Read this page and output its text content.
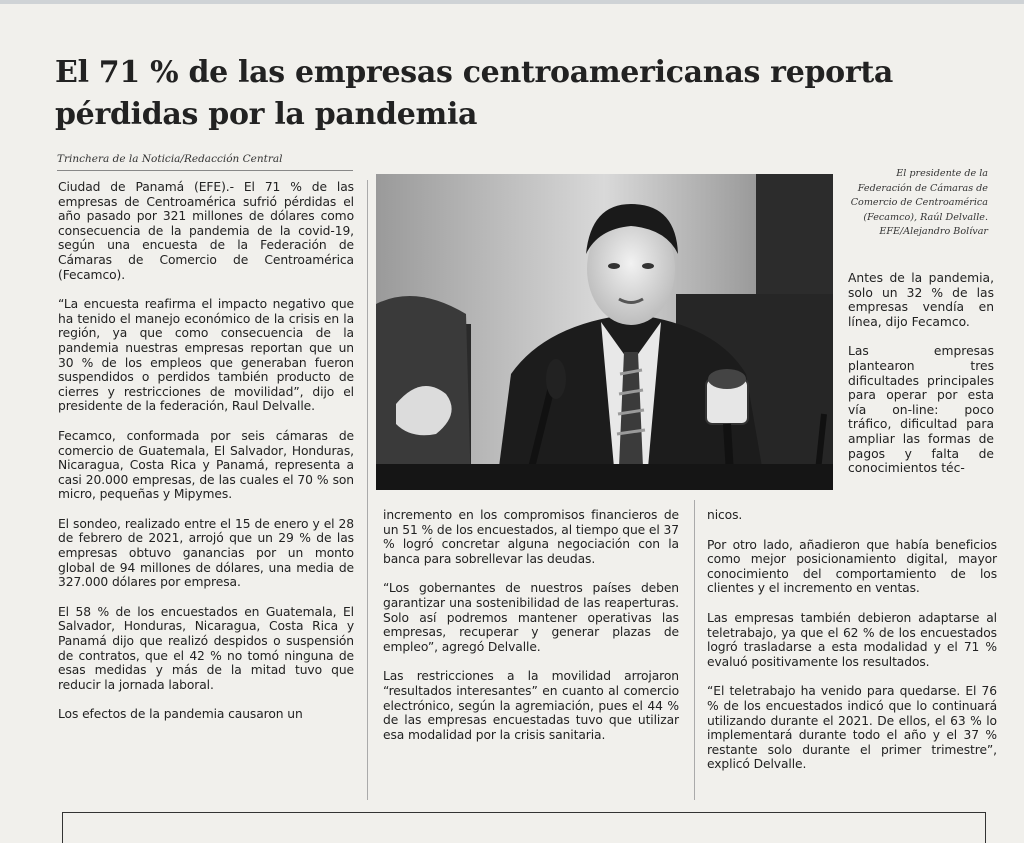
El 71 % de las empresas centroamericanas reporta pérdidas por la pandemia
Trinchera de la Noticia/Redacción Central

Ciudad de Panamá (EFE).- El 71 % de las empresas de Centroamérica sufrió pérdidas el año pasado por 321 millones de dólares como consecuencia de la pandemia de la covid-19, según una encuesta de la Federación de Cámaras de Comercio de Centroamérica (Fecamco).

“La encuesta reafirma el impacto negativo que ha tenido el manejo económico de la crisis en la región, ya que como consecuencia de la pandemia nuestras empresas reportan que un 30 % de los empleos que generaban fueron suspendidos o perdidos también producto de cierres y restricciones de movilidad”, dijo el presidente de la federación, Raul Delvalle.

Fecamco, conformada por seis cámaras de comercio de Guatemala, El Salvador, Honduras, Nicaragua, Costa Rica y Panamá, representa a casi 20.000 empresas, de las cuales el 70 % son micro, pequeñas y Mipymes.

El sondeo, realizado entre el 15 de enero y el 28 de febrero de 2021, arrojó que un 29 % de las empresas obtuvo ganancias por un monto global de 94 millones de dólares, una media de 327.000 dólares por empresa.

El 58 % de los encuestados en Guatemala, El Salvador, Honduras, Nicaragua, Costa Rica y Panamá dijo que realizó despidos o suspensión de contratos, que el 42 % no tomó ninguna de esas medidas y más de la mitad tuvo que reducir la jornada laboral.

Los efectos de la pandemia causaron un

El presidente de la Federación de Cámaras de Comercio de Centroamérica (Fecamco), Raúl Delvalle. EFE/Alejandro Bolívar

Antes de la pandemia, solo un 32 % de las empresas vendía en línea, dijo Fecamco.

Las empresas plantearon tres dificultades principales para operar por esta vía on-line: poco tráfico, dificultad para ampliar las formas de pagos y falta de conocimientos téc-

incremento en los compromisos financieros de un 51 % de los encuestados, al tiempo que el 37 % logró concretar alguna negociación con la banca para sobrellevar las deudas.

“Los gobernantes de nuestros países deben garantizar una sostenibilidad de las reaperturas. Solo así podremos mantener operativas las empresas, recuperar y generar plazas de empleo”, agregó Delvalle.

Las restricciones a la movilidad arrojaron “resultados interesantes” en cuanto al comercio electrónico, según la agremiación, pues el 44 % de las empresas encuestadas tuvo que utilizar esa modalidad por la crisis sanitaria.

nicos.

Por otro lado, añadieron que había beneficios como mejor posicionamiento digital, mayor conocimiento del comportamiento de los clientes y el incremento en ventas.

Las empresas también debieron adaptarse al teletrabajo, ya que el 62 % de los encuestados logró trasladarse a esta modalidad y el 71 % evaluó positivamente los resultados.

“El teletrabajo ha venido para quedarse. El 76 % de los encuestados indicó que lo continuará utilizando durante el 2021. De ellos, el 63 % lo implementará durante todo el año y el 37 % restante solo durante el primer trimestre”, explicó Delvalle.
